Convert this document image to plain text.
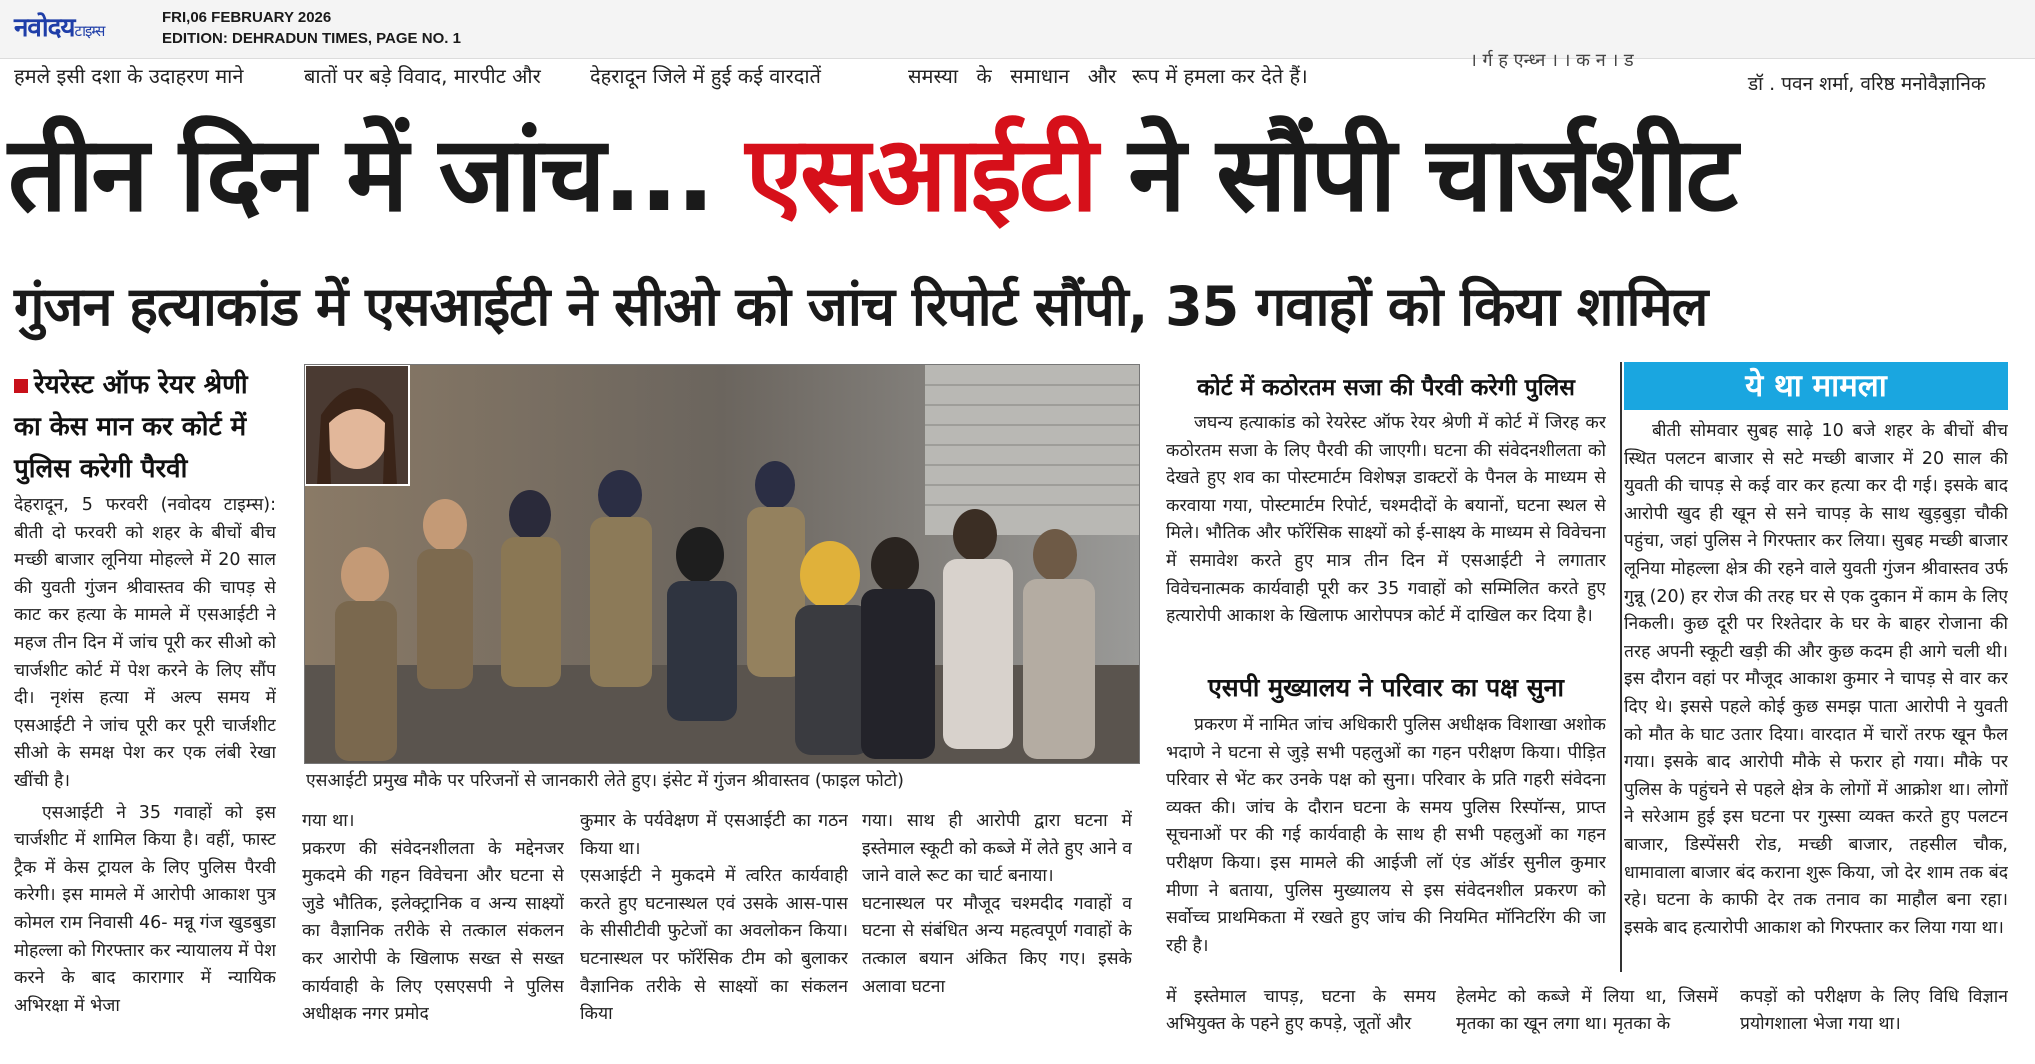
नवोदयटाइम्स
FRI,06 FEBRUARY 2026
EDITION: DEHRADUN TIMES, PAGE NO. 1
हमले इसी दशा के उदाहरण माने	बातों पर बड़े विवाद, मारपीट और देहरादून जिले में हुई कई वारदातें	समस्या के समाधान और रूप में हमला कर देते हैं।
। र्ग ह एन्ध्न । । क न । ड
डॉ . पवन शर्मा, वरिष्ठ मनोवैज्ञानिक
तीन दिन में जांच... एसआईटी ने सौंपी चार्जशीट
गुंजन हत्याकांड में एसआईटी ने सीओ को जांच रिपोर्ट सौंपी, 35 गवाहों को किया शामिल
रेयरेस्ट ऑफ रेयर श्रेणी का केस मान कर कोर्ट में पुलिस करेगी पैरवी

देहरादून, 5 फरवरी (नवोदय टाइम्स): बीती दो फरवरी को शहर के बीचों बीच मच्छी बाजार लूनिया मोहल्ले में 20 साल की युवती गुंजन श्रीवास्तव की चापड़ से काट कर हत्या के मामले में एसआईटी ने महज तीन दिन में जांच पूरी कर सीओ को चार्जशीट कोर्ट में पेश करने के लिए सौंप दी। नृशंस हत्या में अल्प समय में एसआईटी ने जांच पूरी कर पूरी चार्जशीट सीओ के समक्ष पेश कर एक लंबी रेखा खींची है।

एसआईटी ने 35 गवाहों को इस चार्जशीट में शामिल किया है। वहीं, फास्ट ट्रैक में केस ट्रायल के लिए पुलिस पैरवी करेगी। इस मामले में आरोपी आकाश पुत्र कोमल राम निवासी 46- मन्नू गंज खुडबुडा मोहल्ला को गिरफ्तार कर न्यायालय में पेश करने के बाद कारागार में न्यायिक अभिरक्षा में भेजा

एसआईटी प्रमुख मौके पर परिजनों से जानकारी लेते हुए। इंसेट में गुंजन श्रीवास्तव (फाइल फोटो)
गया था।
प्रकरण की संवेदनशीलता के मद्देनजर मुकदमे की गहन विवेचना और घटना से जुडे भौतिक, इलेक्ट्रानिक व अन्य साक्ष्यों का वैज्ञानिक तरीके से तत्काल संकलन कर आरोपी के खिलाफ सख्त से सख्त कार्यवाही के लिए एसएसपी ने पुलिस अधीक्षक नगर प्रमोद
कुमार के पर्यवेक्षण में एसआईटी का गठन किया था।
एसआईटी ने मुकदमे में त्वरित कार्यवाही करते हुए घटनास्थल एवं उसके आस-पास के सीसीटीवी फुटेजों का अवलोकन किया। घटनास्थल पर फॉरेंसिक टीम को बुलाकर वैज्ञानिक तरीके से साक्ष्यों का संकलन किया
गया। साथ ही आरोपी द्वारा घटना में इस्तेमाल स्कूटी को कब्जे में लेते हुए आने व जाने वाले रूट का चार्ट बनाया।
घटनास्थल पर मौजूद चश्मदीद गवाहों व घटना से संबंधित अन्य महत्वपूर्ण गवाहों के तत्काल बयान अंकित किए गए। इसके अलावा घटना
कोर्ट में कठोरतम सजा की पैरवी करेगी पुलिस

जघन्य हत्याकांड को रेयरेस्ट ऑफ रेयर श्रेणी में कोर्ट में जिरह कर कठोरतम सजा के लिए पैरवी की जाएगी। घटना की संवेदनशीलता को देखते हुए शव का पोस्टमार्टम विशेषज्ञ डाक्टरों के पैनल के माध्यम से करवाया गया, पोस्टमार्टम रिपोर्ट, चश्मदीदों के बयानों, घटना स्थल से मिले। भौतिक और फॉरेंसिक साक्ष्यों को ई-साक्ष्य के माध्यम से विवेचना में समावेश करते हुए मात्र तीन दिन में एसआईटी ने लगातार विवेचनात्मक कार्यवाही पूरी कर 35 गवाहों को सम्मिलित करते हुए हत्यारोपी आकाश के खिलाफ आरोपपत्र कोर्ट में दाखिल कर दिया है।

एसपी मुख्यालय ने परिवार का पक्ष सुना

प्रकरण में नामित जांच अधिकारी पुलिस अधीक्षक विशाखा अशोक भदाणे ने घटना से जुड़े सभी पहलुओं का गहन परीक्षण किया। पीड़ित परिवार से भेंट कर उनके पक्ष को सुना। परिवार के प्रति गहरी संवेदना व्यक्त की। जांच के दौरान घटना के समय पुलिस रिस्पॉन्स, प्राप्त सूचनाओं पर की गई कार्यवाही के साथ ही सभी पहलुओं का गहन परीक्षण किया। इस मामले की आईजी लॉ एंड ऑर्डर सुनील कुमार मीणा ने बताया, पुलिस मुख्यालय से इस संवेदनशील प्रकरण को सर्वोच्च प्राथमिकता में रखते हुए जांच की नियमित मॉनिटरिंग की जा रही है।

ये था मामला

बीती सोमवार सुबह साढ़े 10 बजे शहर के बीचों बीच स्थित पलटन बाजार से सटे मच्छी बाजार में 20 साल की युवती की चापड़ से कई वार कर हत्या कर दी गई। इसके बाद आरोपी खुद ही खून से सने चापड़ के साथ खुड़बुड़ा चौकी पहुंचा, जहां पुलिस ने गिरफ्तार कर लिया। सुबह मच्छी बाजार लूनिया मोहल्ला क्षेत्र की रहने वाले युवती गुंजन श्रीवास्तव उर्फ गुन्नू (20) हर रोज की तरह घर से एक दुकान में काम के लिए निकली। कुछ दूरी पर रिश्तेदार के घर के बाहर रोजाना की तरह अपनी स्कूटी खड़ी की और कुछ कदम ही आगे चली थी। इस दौरान वहां पर मौजूद आकाश कुमार ने चापड़ से वार कर दिए थे। इससे पहले कोई कुछ समझ पाता आरोपी ने युवती को मौत के घाट उतार दिया। वारदात में चारों तरफ खून फैल गया। इसके बाद आरोपी मौके से फरार हो गया। मौके पर पुलिस के पहुंचने से पहले क्षेत्र के लोगों में आक्रोश था। लोगों ने सरेआम हुई इस घटना पर गुस्सा व्यक्त करते हुए पलटन बाजार, डिस्पेंसरी रोड, मच्छी बाजार, तहसील चौक, धामावाला बाजार बंद कराना शुरू किया, जो देर शाम तक बंद रहे। घटना के काफी देर तक तनाव का माहौल बना रहा। इसके बाद हत्यारोपी आकाश को गिरफ्तार कर लिया गया था।

में इस्तेमाल चापड़, घटना के समय अभियुक्त के पहने हुए कपड़े, जूतों और
हेलमेट को कब्जे में लिया था, जिसमें मृतका का खून लगा था। मृतका के
कपड़ों को परीक्षण के लिए विधि विज्ञान प्रयोगशाला भेजा गया था।
